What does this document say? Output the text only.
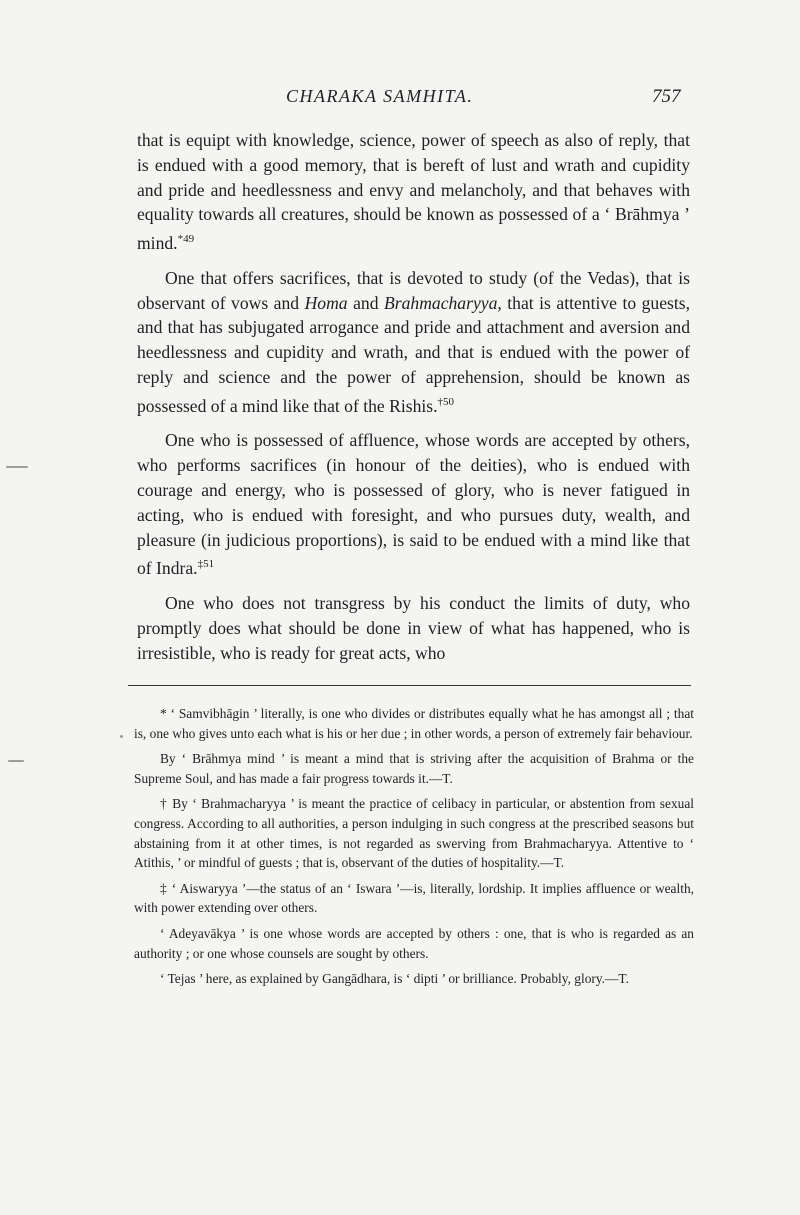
CHARAKA SAMHITA.	757

that is equipt with knowledge, science, power of speech as also of reply, that is endued with a good memory, that is bereft of lust and wrath and cupidity and pride and heedlessness and envy and melancholy, and that behaves with equality towards all creatures, should be known as possessed of a ‘ Brāhmya ’ mind.$^{*49}$

One that offers sacrifices, that is devoted to study (of the Vedas), that is observant of vows and Homa and Brahmacharyya, that is attentive to guests, and that has subjugated arrogance and pride and attachment and aversion and heedlessness and cupidity and wrath, and that is endued with the power of reply and science and the power of apprehension, should be known as possessed of a mind like that of the Rishis.$^{\dagger 50}$

One who is possessed of affluence, whose words are accepted by others, who performs sacrifices (in honour of the deities), who is endued with courage and energy, who is possessed of glory, who is never fatigued in acting, who is endued with foresight, and who pursues duty, wealth, and pleasure (in judicious proportions), is said to be endued with a mind like that of Indra.$^{\ddagger 51}$

One who does not transgress by his conduct the limits of duty, who promptly does what should be done in view of what has happened, who is irresistible, who is ready for great acts, who

* ‘ Samvibhāgin ’ literally, is one who divides or distributes equally what he has amongst all ; that is, one who gives unto each what is his or her due ; in other words, a person of extremely fair behaviour.

By ‘ Brāhmya mind ’ is meant a mind that is striving after the acquisition of Brahma or the Supreme Soul, and has made a fair progress towards it.—T.

† By ‘ Brahmacharyya ’ is meant the practice of celibacy in particular, or abstention from sexual congress. According to all authorities, a person indulging in such congress at the prescribed seasons but abstaining from it at other times, is not regarded as swerving from Brahmacharyya. Attentive to ‘ Atithis, ’ or mindful of guests ; that is, observant of the duties of hospitality.—T.

‡ ‘ Aiswaryya ’—the status of an ‘ Iswara ’—is, literally, lordship. It implies affluence or wealth, with power extending over others.

‘ Adeyavākya ’ is one whose words are accepted by others : one, that is who is regarded as an authority ; or one whose counsels are sought by others.

‘ Tejas ’ here, as explained by Gangādhara, is ‘ dipti ’ or brilliance. Probably, glory.—T.
